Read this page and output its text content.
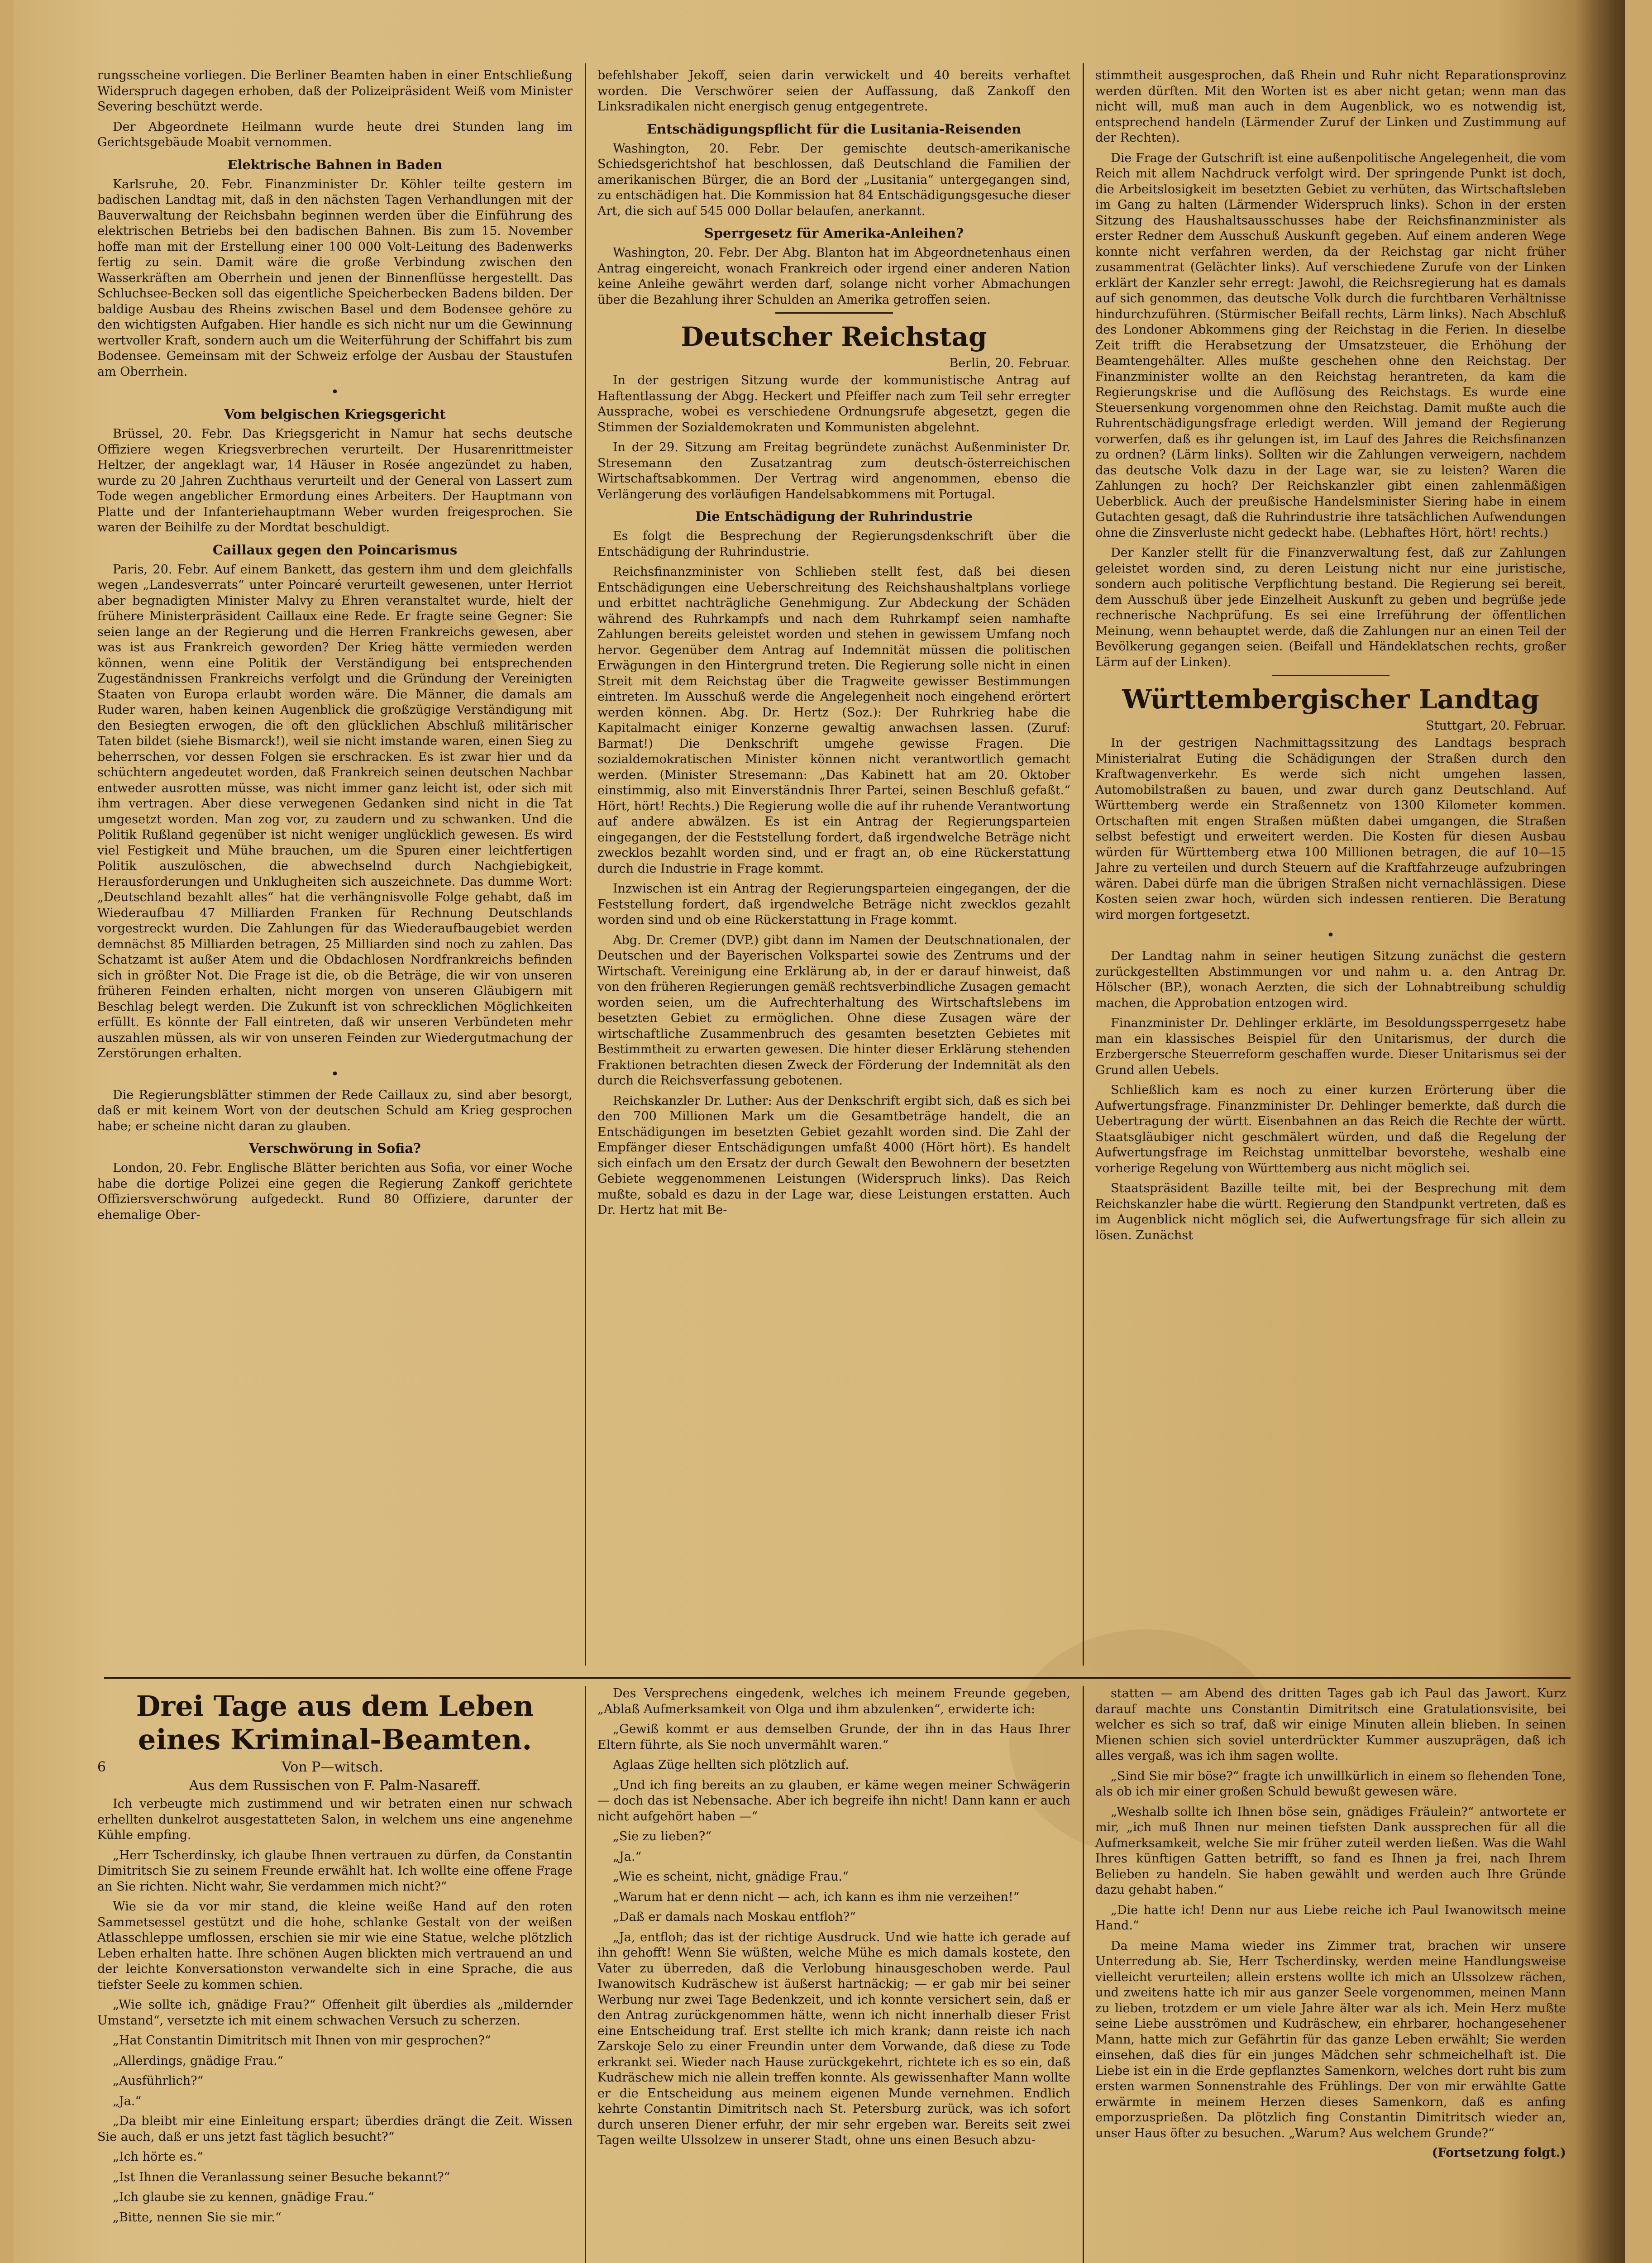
rungsscheine vorliegen. Die Berliner Beamten haben in einer Entschließung Widerspruch dagegen erhoben, daß der Polizeipräsident Weiß vom Minister Severing beschützt werde.

Der Abgeordnete Heilmann wurde heute drei Stunden lang im Gerichtsgebäude Moabit vernommen.

Elektrische Bahnen in Baden

Karlsruhe, 20. Febr. Finanzminister Dr. Köhler teilte gestern im badischen Landtag mit, daß in den nächsten Tagen Verhandlungen mit der Bauverwaltung der Reichsbahn beginnen werden über die Einführung des elektrischen Betriebs bei den badischen Bahnen. Bis zum 15. November hoffe man mit der Erstellung einer 100 000 Volt-Leitung des Badenwerks fertig zu sein. Damit wäre die große Verbindung zwischen den Wasserkräften am Oberrhein und jenen der Binnenflüsse hergestellt. Das Schluchsee-Becken soll das eigentliche Speicherbecken Badens bilden. Der baldige Ausbau des Rheins zwischen Basel und dem Bodensee gehöre zu den wichtigsten Aufgaben. Hier handle es sich nicht nur um die Gewinnung wertvoller Kraft, sondern auch um die Weiterführung der Schiffahrt bis zum Bodensee. Gemeinsam mit der Schweiz erfolge der Ausbau der Staustufen am Oberrhein.

•
Vom belgischen Kriegsgericht

Brüssel, 20. Febr. Das Kriegsgericht in Namur hat sechs deutsche Offiziere wegen Kriegsverbrechen verurteilt. Der Husarenrittmeister Heltzer, der angeklagt war, 14 Häuser in Rosée angezündet zu haben, wurde zu 20 Jahren Zuchthaus verurteilt und der General von Lassert zum Tode wegen angeblicher Ermordung eines Arbeiters. Der Hauptmann von Platte und der Infanteriehauptmann Weber wurden freigesprochen. Sie waren der Beihilfe zu der Mordtat beschuldigt.

Caillaux gegen den Poincarismus

Paris, 20. Febr. Auf einem Bankett, das gestern ihm und dem gleichfalls wegen „Landesverrats“ unter Poincaré verurteilt gewesenen, unter Herriot aber begnadigten Minister Malvy zu Ehren veranstaltet wurde, hielt der frühere Ministerpräsident Caillaux eine Rede. Er fragte seine Gegner: Sie seien lange an der Regierung und die Herren Frankreichs gewesen, aber was ist aus Frankreich geworden? Der Krieg hätte vermieden werden können, wenn eine Politik der Verständigung bei entsprechenden Zugeständnissen Frankreichs verfolgt und die Gründung der Vereinigten Staaten von Europa erlaubt worden wäre. Die Männer, die damals am Ruder waren, haben keinen Augenblick die großzügige Verständigung mit den Besiegten erwogen, die oft den glücklichen Abschluß militärischer Taten bildet (siehe Bismarck!), weil sie nicht imstande waren, einen Sieg zu beherrschen, vor dessen Folgen sie erschracken. Es ist zwar hier und da schüchtern angedeutet worden, daß Frankreich seinen deutschen Nachbar entweder ausrotten müsse, was nicht immer ganz leicht ist, oder sich mit ihm vertragen. Aber diese verwegenen Gedanken sind nicht in die Tat umgesetzt worden. Man zog vor, zu zaudern und zu schwanken. Und die Politik Rußland gegenüber ist nicht weniger unglücklich gewesen. Es wird viel Festigkeit und Mühe brauchen, um die Spuren einer leichtfertigen Politik auszulöschen, die abwechselnd durch Nachgiebigkeit, Herausforderungen und Unklugheiten sich auszeichnete. Das dumme Wort: „Deutschland bezahlt alles“ hat die verhängnisvolle Folge gehabt, daß im Wiederaufbau 47 Milliarden Franken für Rechnung Deutschlands vorgestreckt wurden. Die Zahlungen für das Wiederaufbaugebiet werden demnächst 85 Milliarden betragen, 25 Milliarden sind noch zu zahlen. Das Schatzamt ist außer Atem und die Obdachlosen Nordfrankreichs befinden sich in größter Not. Die Frage ist die, ob die Beträge, die wir von unseren früheren Feinden erhalten, nicht morgen von unseren Gläubigern mit Beschlag belegt werden. Die Zukunft ist von schrecklichen Möglichkeiten erfüllt. Es könnte der Fall eintreten, daß wir unseren Verbündeten mehr auszahlen müssen, als wir von unseren Feinden zur Wiedergutmachung der Zerstörungen erhalten.

•

Die Regierungsblätter stimmen der Rede Caillaux zu, sind aber besorgt, daß er mit keinem Wort von der deutschen Schuld am Krieg gesprochen habe; er scheine nicht daran zu glauben.

Verschwörung in Sofia?

London, 20. Febr. Englische Blätter berichten aus Sofia, vor einer Woche habe die dortige Polizei eine gegen die Regierung Zankoff gerichtete Offiziersverschwörung aufgedeckt. Rund 80 Offiziere, darunter der ehemalige Ober-

befehlshaber Jekoff, seien darin verwickelt und 40 bereits verhaftet worden. Die Verschwörer seien der Auffassung, daß Zankoff den Linksradikalen nicht energisch genug entgegentrete.

Entschädigungspflicht für die Lusitania-Reisenden

Washington, 20. Febr. Der gemischte deutsch-amerikanische Schiedsgerichtshof hat beschlossen, daß Deutschland die Familien der amerikanischen Bürger, die an Bord der „Lusitania“ untergegangen sind, zu entschädigen hat. Die Kommission hat 84 Entschädigungsgesuche dieser Art, die sich auf 545 000 Dollar belaufen, anerkannt.

Sperrgesetz für Amerika-Anleihen?

Washington, 20. Febr. Der Abg. Blanton hat im Abgeordnetenhaus einen Antrag eingereicht, wonach Frankreich oder irgend einer anderen Nation keine Anleihe gewährt werden darf, solange nicht vorher Abmachungen über die Bezahlung ihrer Schulden an Amerika getroffen seien.

Deutscher Reichstag
Berlin, 20. Februar.

In der gestrigen Sitzung wurde der kommunistische Antrag auf Haftentlassung der Abgg. Heckert und Pfeiffer nach zum Teil sehr erregter Aussprache, wobei es verschiedene Ordnungsrufe abgesetzt, gegen die Stimmen der Sozialdemokraten und Kommunisten abgelehnt.

In der 29. Sitzung am Freitag begründete zunächst Außenminister Dr. Stresemann den Zusatzantrag zum deutsch-österreichischen Wirtschaftsabkommen. Der Vertrag wird angenommen, ebenso die Verlängerung des vorläufigen Handelsabkommens mit Portugal.

Die Entschädigung der Ruhrindustrie

Es folgt die Besprechung der Regierungsdenkschrift über die Entschädigung der Ruhrindustrie.

Reichsfinanzminister von Schlieben stellt fest, daß bei diesen Entschädigungen eine Ueberschreitung des Reichshaushaltplans vorliege und erbittet nachträgliche Genehmigung. Zur Abdeckung der Schäden während des Ruhrkampfs und nach dem Ruhrkampf seien namhafte Zahlungen bereits geleistet worden und stehen in gewissem Umfang noch hervor. Gegenüber dem Antrag auf Indemnität müssen die politischen Erwägungen in den Hintergrund treten. Die Regierung solle nicht in einen Streit mit dem Reichstag über die Tragweite gewisser Bestimmungen eintreten. Im Ausschuß werde die Angelegenheit noch eingehend erörtert werden können. Abg. Dr. Hertz (Soz.): Der Ruhrkrieg habe die Kapitalmacht einiger Konzerne gewaltig anwachsen lassen. (Zuruf: Barmat!) Die Denkschrift umgehe gewisse Fragen. Die sozialdemokratischen Minister können nicht verantwortlich gemacht werden. (Minister Stresemann: „Das Kabinett hat am 20. Oktober einstimmig, also mit Einverständnis Ihrer Partei, seinen Beschluß gefaßt.“ Hört, hört! Rechts.) Die Regierung wolle die auf ihr ruhende Verantwortung auf andere abwälzen. Es ist ein Antrag der Regierungsparteien eingegangen, der die Feststellung fordert, daß irgendwelche Beträge nicht zwecklos bezahlt worden sind, und er fragt an, ob eine Rückerstattung durch die Industrie in Frage kommt.

Inzwischen ist ein Antrag der Regierungsparteien eingegangen, der die Feststellung fordert, daß irgendwelche Beträge nicht zwecklos gezahlt worden sind und ob eine Rückerstattung in Frage kommt.

Abg. Dr. Cremer (DVP.) gibt dann im Namen der Deutschnationalen, der Deutschen und der Bayerischen Volkspartei sowie des Zentrums und der Wirtschaft. Vereinigung eine Erklärung ab, in der er darauf hinweist, daß von den früheren Regierungen gemäß rechtsverbindliche Zusagen gemacht worden seien, um die Aufrechterhaltung des Wirtschaftslebens im besetzten Gebiet zu ermöglichen. Ohne diese Zusagen wäre der wirtschaftliche Zusammenbruch des gesamten besetzten Gebietes mit Bestimmtheit zu erwarten gewesen. Die hinter dieser Erklärung stehenden Fraktionen betrachten diesen Zweck der Förderung der Indemnität als den durch die Reichsverfassung gebotenen.

Reichskanzler Dr. Luther: Aus der Denkschrift ergibt sich, daß es sich bei den 700 Millionen Mark um die Gesamtbeträge handelt, die an Entschädigungen im besetzten Gebiet gezahlt worden sind. Die Zahl der Empfänger dieser Entschädigungen umfaßt 4000 (Hört hört). Es handelt sich einfach um den Ersatz der durch Gewalt den Bewohnern der besetzten Gebiete weggenommenen Leistungen (Widerspruch links). Das Reich mußte, sobald es dazu in der Lage war, diese Leistungen erstatten. Auch Dr. Hertz hat mit Be-

stimmtheit ausgesprochen, daß Rhein und Ruhr nicht Reparationsprovinz werden dürften. Mit den Worten ist es aber nicht getan; wenn man das nicht will, muß man auch in dem Augenblick, wo es notwendig ist, entsprechend handeln (Lärmender Zuruf der Linken und Zustimmung auf der Rechten).

Die Frage der Gutschrift ist eine außenpolitische Angelegenheit, die vom Reich mit allem Nachdruck verfolgt wird. Der springende Punkt ist doch, die Arbeitslosigkeit im besetzten Gebiet zu verhüten, das Wirtschaftsleben im Gang zu halten (Lärmender Widerspruch links). Schon in der ersten Sitzung des Haushaltsausschusses habe der Reichsfinanzminister als erster Redner dem Ausschuß Auskunft gegeben. Auf einem anderen Wege konnte nicht verfahren werden, da der Reichstag gar nicht früher zusammentrat (Gelächter links). Auf verschiedene Zurufe von der Linken erklärt der Kanzler sehr erregt: Jawohl, die Reichsregierung hat es damals auf sich genommen, das deutsche Volk durch die furchtbaren Verhältnisse hindurchzuführen. (Stürmischer Beifall rechts, Lärm links). Nach Abschluß des Londoner Abkommens ging der Reichstag in die Ferien. In dieselbe Zeit trifft die Herabsetzung der Umsatzsteuer, die Erhöhung der Beamtengehälter. Alles mußte geschehen ohne den Reichstag. Der Finanzminister wollte an den Reichstag herantreten, da kam die Regierungskrise und die Auflösung des Reichstags. Es wurde eine Steuersenkung vorgenommen ohne den Reichstag. Damit mußte auch die Ruhrentschädigungsfrage erledigt werden. Will jemand der Regierung vorwerfen, daß es ihr gelungen ist, im Lauf des Jahres die Reichsfinanzen zu ordnen? (Lärm links). Sollten wir die Zahlungen verweigern, nachdem das deutsche Volk dazu in der Lage war, sie zu leisten? Waren die Zahlungen zu hoch? Der Reichskanzler gibt einen zahlenmäßigen Ueberblick. Auch der preußische Handelsminister Siering habe in einem Gutachten gesagt, daß die Ruhrindustrie ihre tatsächlichen Aufwendungen ohne die Zinsverluste nicht gedeckt habe. (Lebhaftes Hört, hört! rechts.)

Der Kanzler stellt für die Finanzverwaltung fest, daß zur Zahlungen geleistet worden sind, zu deren Leistung nicht nur eine juristische, sondern auch politische Verpflichtung bestand. Die Regierung sei bereit, dem Ausschuß über jede Einzelheit Auskunft zu geben und begrüße jede rechnerische Nachprüfung. Es sei eine Irreführung der öffentlichen Meinung, wenn behauptet werde, daß die Zahlungen nur an einen Teil der Bevölkerung gegangen seien. (Beifall und Händeklatschen rechts, großer Lärm auf der Linken).

Württembergischer Landtag
Stuttgart, 20. Februar.

In der gestrigen Nachmittagssitzung des Landtags besprach Ministerialrat Euting die Schädigungen der Straßen durch den Kraftwagenverkehr. Es werde sich nicht umgehen lassen, Automobilstraßen zu bauen, und zwar durch ganz Deutschland. Auf Württemberg werde ein Straßennetz von 1300 Kilometer kommen. Ortschaften mit engen Straßen müßten dabei umgangen, die Straßen selbst befestigt und erweitert werden. Die Kosten für diesen Ausbau würden für Württemberg etwa 100 Millionen betragen, die auf 10—15 Jahre zu verteilen und durch Steuern auf die Kraftfahrzeuge aufzubringen wären. Dabei dürfe man die übrigen Straßen nicht vernachlässigen. Diese Kosten seien zwar hoch, würden sich indessen rentieren. Die Beratung wird morgen fortgesetzt.

•

Der Landtag nahm in seiner heutigen Sitzung zunächst die gestern zurückgestellten Abstimmungen vor und nahm u. a. den Antrag Dr. Hölscher (BP.), wonach Aerzten, die sich der Lohnabtreibung schuldig machen, die Approbation entzogen wird.

Finanzminister Dr. Dehlinger erklärte, im Besoldungssperrgesetz habe man ein klassisches Beispiel für den Unitarismus, der durch die Erzbergersche Steuerreform geschaffen wurde. Dieser Unitarismus sei der Grund allen Uebels.

Schließlich kam es noch zu einer kurzen Erörterung über die Aufwertungsfrage. Finanzminister Dr. Dehlinger bemerkte, daß durch die Uebertragung der württ. Eisenbahnen an das Reich die Rechte der württ. Staatsgläubiger nicht geschmälert würden, und daß die Regelung der Aufwertungsfrage im Reichstag unmittelbar bevorstehe, weshalb eine vorherige Regelung von Württemberg aus nicht möglich sei.

Staatspräsident Bazille teilte mit, bei der Besprechung mit dem Reichskanzler habe die württ. Regierung den Standpunkt vertreten, daß es im Augenblick nicht möglich sei, die Aufwertungsfrage für sich allein zu lösen. Zunächst

Drei Tage aus dem Leben eines Kriminal-Beamten.
6	Von P—witsch.
Aus dem Russischen von F. Palm-Nasareff.

Ich verbeugte mich zustimmend und wir betraten einen nur schwach erhellten dunkelrot ausgestatteten Salon, in welchem uns eine angenehme Kühle empfing.

„Herr Tscherdinsky, ich glaube Ihnen vertrauen zu dürfen, da Constantin Dimitritsch Sie zu seinem Freunde erwählt hat. Ich wollte eine offene Frage an Sie richten. Nicht wahr, Sie verdammen mich nicht?“

Wie sie da vor mir stand, die kleine weiße Hand auf den roten Sammetsessel gestützt und die hohe, schlanke Gestalt von der weißen Atlasschleppe umflossen, erschien sie mir wie eine Statue, welche plötzlich Leben erhalten hatte. Ihre schönen Augen blickten mich vertrauend an und der leichte Konversationston verwandelte sich in eine Sprache, die aus tiefster Seele zu kommen schien.

„Wie sollte ich, gnädige Frau?“ Offenheit gilt überdies als „mildernder Umstand“, versetzte ich mit einem schwachen Versuch zu scherzen.

„Hat Constantin Dimitritsch mit Ihnen von mir gesprochen?“

„Allerdings, gnädige Frau.“

„Ausführlich?“

„Ja.“

„Da bleibt mir eine Einleitung erspart; überdies drängt die Zeit. Wissen Sie auch, daß er uns jetzt fast täglich besucht?“

„Ich hörte es.“

„Ist Ihnen die Veranlassung seiner Besuche bekannt?“

„Ich glaube sie zu kennen, gnädige Frau.“

„Bitte, nennen Sie sie mir.“

Des Versprechens eingedenk, welches ich meinem Freunde gegeben, „Ablaß Aufmerksamkeit von Olga und ihm abzulenken“, erwiderte ich:

„Gewiß kommt er aus demselben Grunde, der ihn in das Haus Ihrer Eltern führte, als Sie noch unvermählt waren.“

Aglaas Züge hellten sich plötzlich auf.

„Und ich fing bereits an zu glauben, er käme wegen meiner Schwägerin — doch das ist Nebensache. Aber ich begreife ihn nicht! Dann kann er auch nicht aufgehört haben —“

„Sie zu lieben?“

„Ja.“

„Wie es scheint, nicht, gnädige Frau.“

„Warum hat er denn nicht — ach, ich kann es ihm nie verzeihen!“

„Daß er damals nach Moskau entfloh?“

„Ja, entfloh; das ist der richtige Ausdruck. Und wie hatte ich gerade auf ihn gehofft! Wenn Sie wüßten, welche Mühe es mich damals kostete, den Vater zu überreden, daß die Verlobung hinausgeschoben werde. Paul Iwanowitsch Kudräschew ist äußerst hartnäckig; — er gab mir bei seiner Werbung nur zwei Tage Bedenkzeit, und ich konnte versichert sein, daß er den Antrag zurückgenommen hätte, wenn ich nicht innerhalb dieser Frist eine Entscheidung traf. Erst stellte ich mich krank; dann reiste ich nach Zarskoje Selo zu einer Freundin unter dem Vorwande, daß diese zu Tode erkrankt sei. Wieder nach Hause zurückgekehrt, richtete ich es so ein, daß Kudräschew mich nie allein treffen konnte. Als gewissenhafter Mann wollte er die Entscheidung aus meinem eigenen Munde vernehmen. Endlich kehrte Constantin Dimitritsch nach St. Petersburg zurück, was ich sofort durch unseren Diener erfuhr, der mir sehr ergeben war. Bereits seit zwei Tagen weilte Ulssolzew in unserer Stadt, ohne uns einen Besuch abzu-

statten — am Abend des dritten Tages gab ich Paul das Jawort. Kurz darauf machte uns Constantin Dimitritsch eine Gratulationsvisite, bei welcher es sich so traf, daß wir einige Minuten allein blieben. In seinen Mienen schien sich soviel unterdrückter Kummer auszuprägen, daß ich alles vergaß, was ich ihm sagen wollte.

„Sind Sie mir böse?“ fragte ich unwillkürlich in einem so flehenden Tone, als ob ich mir einer großen Schuld bewußt gewesen wäre.

„Weshalb sollte ich Ihnen böse sein, gnädiges Fräulein?“ antwortete er mir, „ich muß Ihnen nur meinen tiefsten Dank aussprechen für all die Aufmerksamkeit, welche Sie mir früher zuteil werden ließen. Was die Wahl Ihres künftigen Gatten betrifft, so fand es Ihnen ja frei, nach Ihrem Belieben zu handeln. Sie haben gewählt und werden auch Ihre Gründe dazu gehabt haben.“

„Die hatte ich! Denn nur aus Liebe reiche ich Paul Iwanowitsch meine Hand.“

Da meine Mama wieder ins Zimmer trat, brachen wir unsere Unterredung ab. Sie, Herr Tscherdinsky, werden meine Handlungsweise vielleicht verurteilen; allein erstens wollte ich mich an Ulssolzew rächen, und zweitens hatte ich mir aus ganzer Seele vorgenommen, meinen Mann zu lieben, trotzdem er um viele Jahre älter war als ich. Mein Herz mußte seine Liebe ausströmen und Kudräschew, ein ehrbarer, hochangesehener Mann, hatte mich zur Gefährtin für das ganze Leben erwählt; Sie werden einsehen, daß dies für ein junges Mädchen sehr schmeichelhaft ist. Die Liebe ist ein in die Erde gepflanztes Samenkorn, welches dort ruht bis zum ersten warmen Sonnenstrahle des Frühlings. Der von mir erwählte Gatte erwärmte in meinem Herzen dieses Samenkorn, daß es anfing emporzusprießen. Da plötzlich fing Constantin Dimitritsch wieder an, unser Haus öfter zu besuchen. „Warum? Aus welchem Grunde?“

(Fortsetzung folgt.)
